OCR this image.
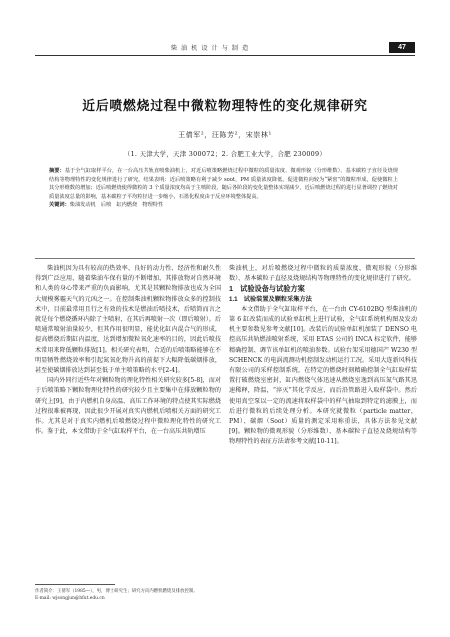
柴 油 机 设 计 与 制 造	47
近后喷燃烧过程中微粒物理特性的变化规律研究
王倩军²，汪陈芳²，宋崇林¹
（1. 天津大学，天津 300072；2. 合肥工业大学，合肥 230009）
摘要：基于全气缸取样平台，在一台高压共轨直喷柴油机上，对近后喷策略燃烧过程中微粒的质量浓度、微观形貌（分形维数）、基本碳粒子直径及烧规结构等物理特性的变化规律进行了研究。结果表明：近后喷策略有利于减少 soot，PM 质量浓度降低，促进微粒向较为“紧密”的微粒形成，促使微粒上其分形维数的增加；近后喷燃烧使得微粒的 3 个质量浓度均高于主喷阶段，随后各阶段的变化量整体实现减少，近后喷燃烧过程的进行显著调控了燃烧对质量浓度总量的影响，基本碳粒子平均粒径进一步缩小，石墨化程度由于反应环境整体提高。
关键词：柴油发动机　后喷　缸内燃烧　物理特性

柴油机因为具有较高的热效率、良好的动力性、经济性和耐久性得到广泛应用，随着柴油车保有量的不断增加，其排放物对自然环境和人类的身心带来严重的负面影响，尤其是其颗粒物排放也成为全国大规模雾霾天气的元凶之一。在控制柴油机颗粒物排放众多的控制技术中，目前最常用且行之有效的技术是燃油后喷技术，后喷简而言之就是每个燃烧循环内除了主喷射，在其后再喷射一次（即后喷射）。后喷通常喷射油量较少，但其作用很明显，能优化缸内混合气的形成，提高燃烧后期缸内温度，达到增加微粒氧化速率的目的，因此后喷技术常用来降低颗粒排放[1]。相关研究表明，合适的后喷策略能够在不明显牺牲燃烧效率和引起氮氧化物升高的前提下大幅降低碳烟排放，甚至使碳烟排放达到甚至低于单主喷策略的水平[2-4]。

国内外同行近些年对颗粒物的理化特性相关研究较多[5-8]，而对于后喷策略下颗粒物理化特性的研究较少且主要集中在排放颗粒物的研究上[9]，由于内燃机自身高温、高压工作环境的特点使其实际燃烧过程很难被再现，因此很少开展对真实内燃机后喷相关方面的研究工作。尤其是对于真实内燃机后喷燃烧过程中微粒理化特性的研究工作。鉴于此，本文借助于全气缸取样平台，在一台高压共轨增压

柴油机上，对后喷燃烧过程中微粒的质量浓度、微观形貌（分形维数）、基本碳粒子直径及烧规结构等物理特性的变化规律进行了研究。

1　试验设备与试验方案

1.1　试验装置及颗粒采集方法

本文借助于全气缸取样平台，在一台由 CY-6102BQ 型柴油机的第 6 缸改装而成的试验单缸机上进行试验，全气缸系统机构图及发动机主要参数见参考文献[10]。改装后的试验单缸机加装了 DENSO 电控高压共轨燃油喷射系统，采用 ETAS 公司的 INCA 标定软件，能够精确控制、调节该单缸机的喷油参数。试验台架采用德国产 W230 型 SCHENCK 的电涡流测功机控制发动机运行工况。采用大连新风科技有限公司的采样控制系统，在特定的燃烧时刻精确控制全气缸取样装置打破燃烧室密封，缸内燃烧气体迅速从燃烧室逸到高压氮气路其迅速稀释，降温，“淬灭”其化学反应，而后沿管路进入取样袋中。然后使用真空泵以一定的流速将取样袋中的样气抽取到特定的滤膜上，而后进行微粒的后续处理分析。本研究就微粒（particle matter，PM）、碳烟（Soot）质量的测定采用称重法，具体方法参见文献[9]。颗粒物的微观形貌（分形维数）、基本碳粒子直径及烧规结构等物理特性的表征方法请参考文献[10-11]。

作者简介：王倩军（1985—），男，博士研究生；研究方向内燃机燃烧及排放控制。
E-mail: wjsongjun@hfut.edu.cn
